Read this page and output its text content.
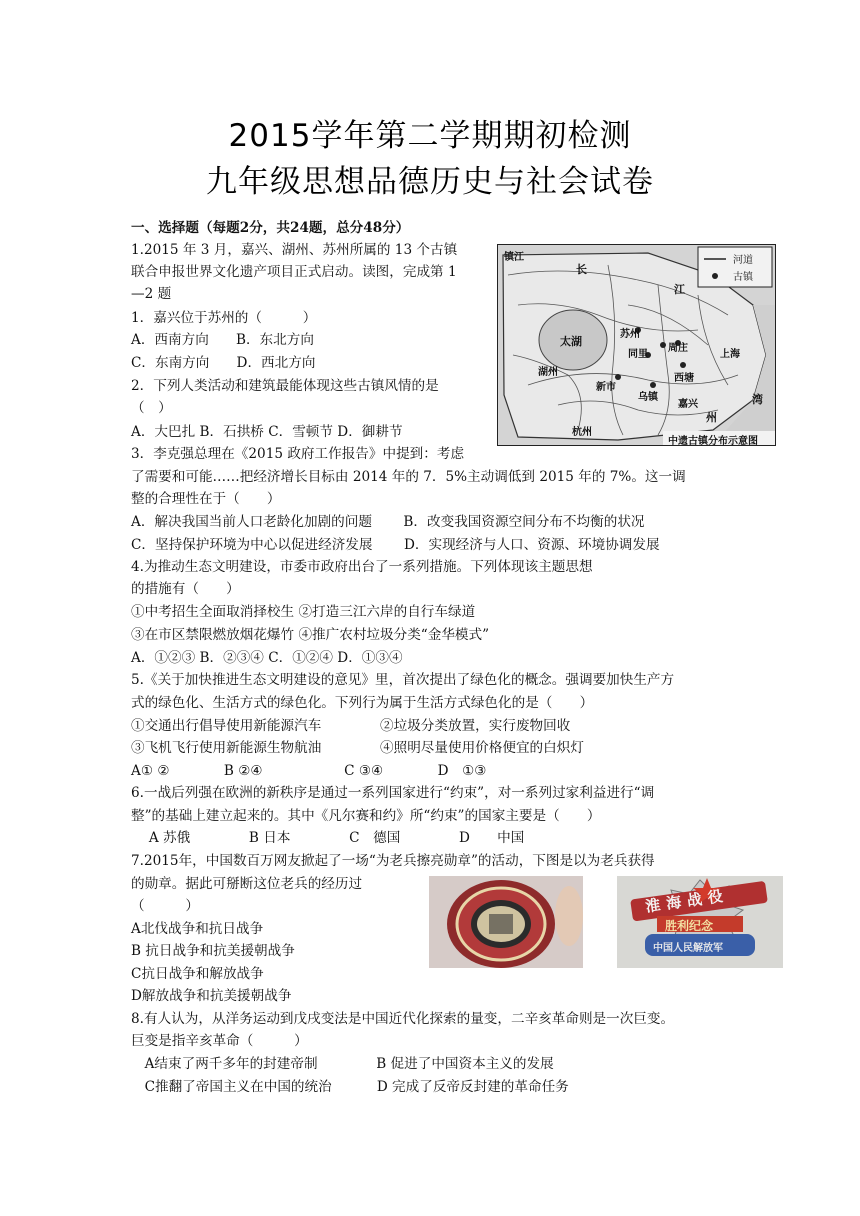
2015学年第二学期期初检测
九年级思想品德历史与社会试卷
一、选择题（每题2分，共24题，总分48分）
1.2015 年 3 月，嘉兴、湖州、苏州所属的 13 个古镇
联合申报世界文化遗产项目正式启动。读图，完成第 1
—2 题
1．嘉兴位于苏州的（　　　）
A．西南方向　　B．东北方向
C．东南方向　　D．西北方向
2．下列人类活动和建筑最能体现这些古镇风情的是
（　）
A．大巴扎 B．石拱桥 C．雪顿节 D．御耕节
3．李克强总理在《2015 政府工作报告》中提到：考虑
了需要和可能……把经济增长目标由 2014 年的 7．5%主动调低到 2015 年的 7%。这一调
整的合理性在于（　　）
A．解决我国当前人口老龄化加剧的问题　　 B．改变我国资源空间分布不均衡的状况
C．坚持保护环境为中心以促进经济发展　　 D．实现经济与人口、资源、环境协调发展
4.为推动生态文明建设，市委市政府出台了一系列措施。下列体现该主题思想
的措施有（　　）
①中考招生全面取消择校生 ②打造三江六岸的自行车绿道
③在市区禁限燃放烟花爆竹 ④推广农村垃圾分类“金华模式”
A．①②③ B．②③④ C．①②④ D．①③④
5.《关于加快推进生态文明建设的意见》里，首次提出了绿色化的概念。强调要加快生产方
式的绿色化、生活方式的绿色化。下列行为属于生活方式绿色化的是（　　）
①交通出行倡导使用新能源汽车　　　　 ②垃圾分类放置，实行废物回收
③飞机飞行使用新能源生物航油　　　　 ④照明尽量使用价格便宜的白炽灯
A① ②　　　　B ②④　　　　　　C ③④　　　　D　①③
6.一战后列强在欧洲的新秩序是通过一系列国家进行“约束”，对一系列过家利益进行“调
整”的基础上建立起来的。其中《凡尔赛和约》所“约束”的国家主要是（　　）
　 A 苏俄　　　　 B 日本　　　　 C　德国　　　　 D　　中国
7.2015年，中国数百万网友掀起了一场“为老兵擦亮勋章”的活动，下图是以为老兵获得
的勋章。据此可掰断这位老兵的经历过
（　　　）
A北伐战争和抗日战争
B 抗日战争和抗美援朝战争
C抗日战争和解放战争
D解放战争和抗美援朝战争
8.有人认为，从洋务运动到戊戌变法是中国近代化探索的量变，二辛亥革命则是一次巨变。
巨变是指辛亥革命（　　　）
　A结束了两千多年的封建帝制　　　　 B 促进了中国资本主义的发展
　C推翻了帝国主义在中国的统治　　　 D 完成了反帝反封建的革命任务
河道
古镇
镇江
长
江
太湖
苏州
周庄
同里
湖州
新市
乌镇
西塘
嘉兴
杭州
湾
州
上海
中遗古镇分布示意图
淮海战役
胜利纪念
中国人民解放军
